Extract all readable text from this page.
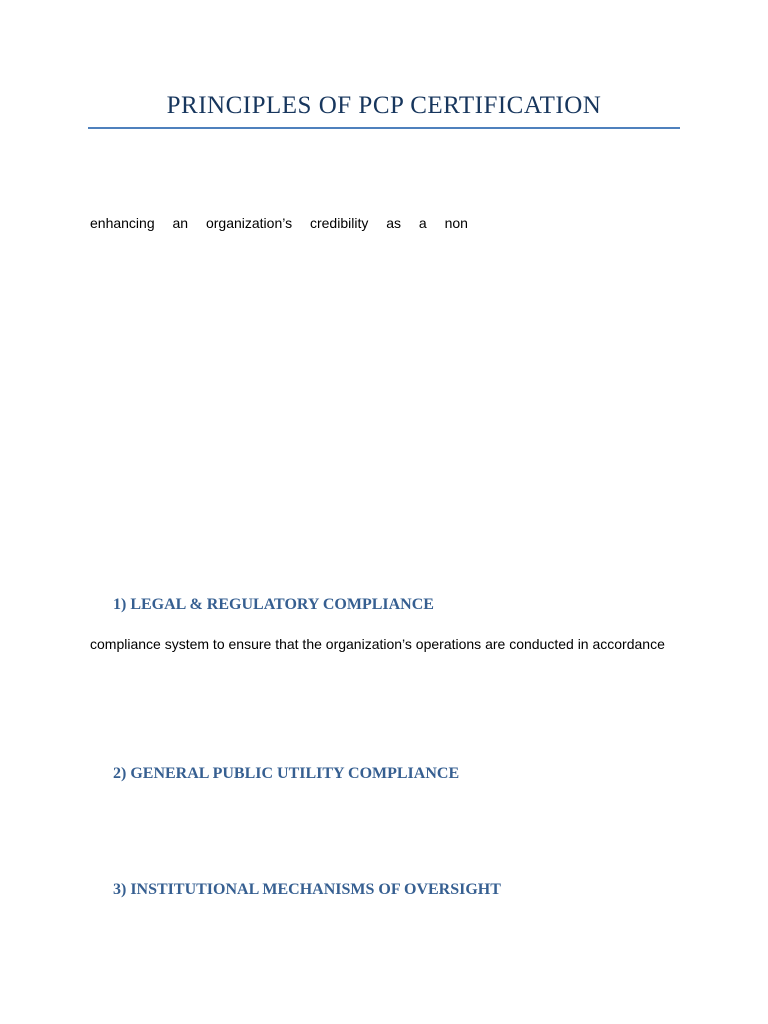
PRINCIPLES OF PCP CERTIFICATION
enhancing an organization’s credibility as a non
1) LEGAL & REGULATORY COMPLIANCE
compliance system to ensure that the organization’s operations are conducted in accordance
2) GENERAL PUBLIC UTILITY COMPLIANCE
3) INSTITUTIONAL MECHANISMS OF OVERSIGHT
